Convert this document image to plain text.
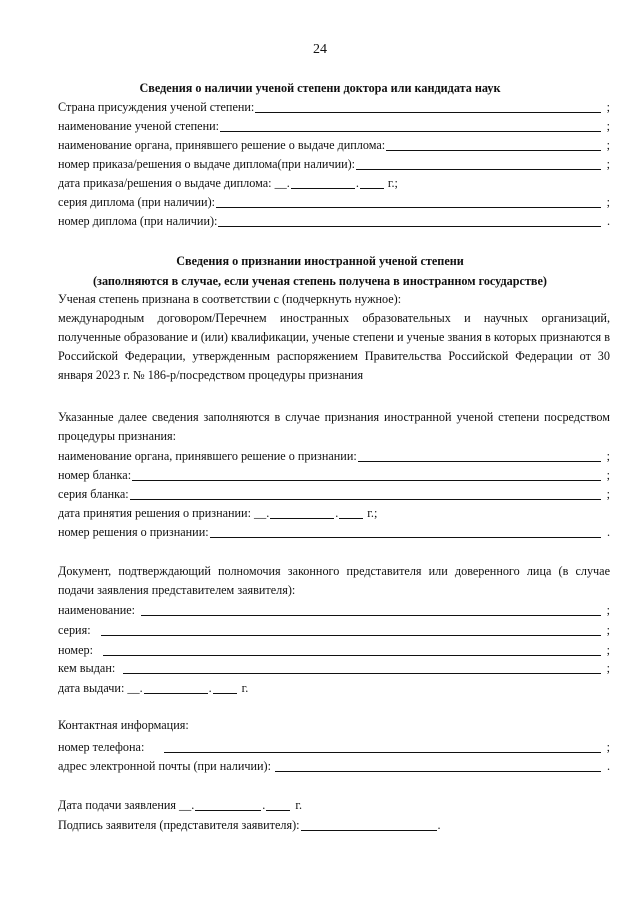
24
Сведения о наличии ученой степени доктора или кандидата наук
Страна присуждения ученой степени:	;
наименование ученой степени:	;
наименование органа, принявшего решение о выдаче диплома:	;
номер приказа/решения о выдаче диплома(при наличии):	;
дата приказа/решения о выдаче диплома: __.	. г.;
серия диплома (при наличии):	;
номер диплома (при наличии):	.
Сведения о признании иностранной ученой степени
(заполняются в случае, если ученая степень получена в иностранном государстве)
Ученая степень признана в соответствии с (подчеркнуть нужное):
международным договором/Перечнем иностранных образовательных и научных организаций, полученные образование и (или) квалификации, ученые степени и ученые звания в которых признаются в Российской Федерации, утвержденным распоряжением Правительства Российской Федерации от 30 января 2023 г. № 186-р/посредством процедуры признания
Указанные далее сведения заполняются в случае признания иностранной ученой степени посредством процедуры признания:
наименование органа, принявшего решение о признании:	;
номер бланка:	;
серия бланка:	;
дата принятия решения о признании: __.	. г.;
номер решения о признании:	.
Документ, подтверждающий полномочия законного представителя или доверенного лица (в случае подачи заявления представителем заявителя):
наименование:	;
серия:	;
номер:	;
кем выдан:	;
дата выдачи: __.	. г.
Контактная информация:
номер телефона:	;
адрес электронной почты (при наличии):	.
Дата подачи заявления __.	. г.
Подпись заявителя (представителя заявителя):	.
